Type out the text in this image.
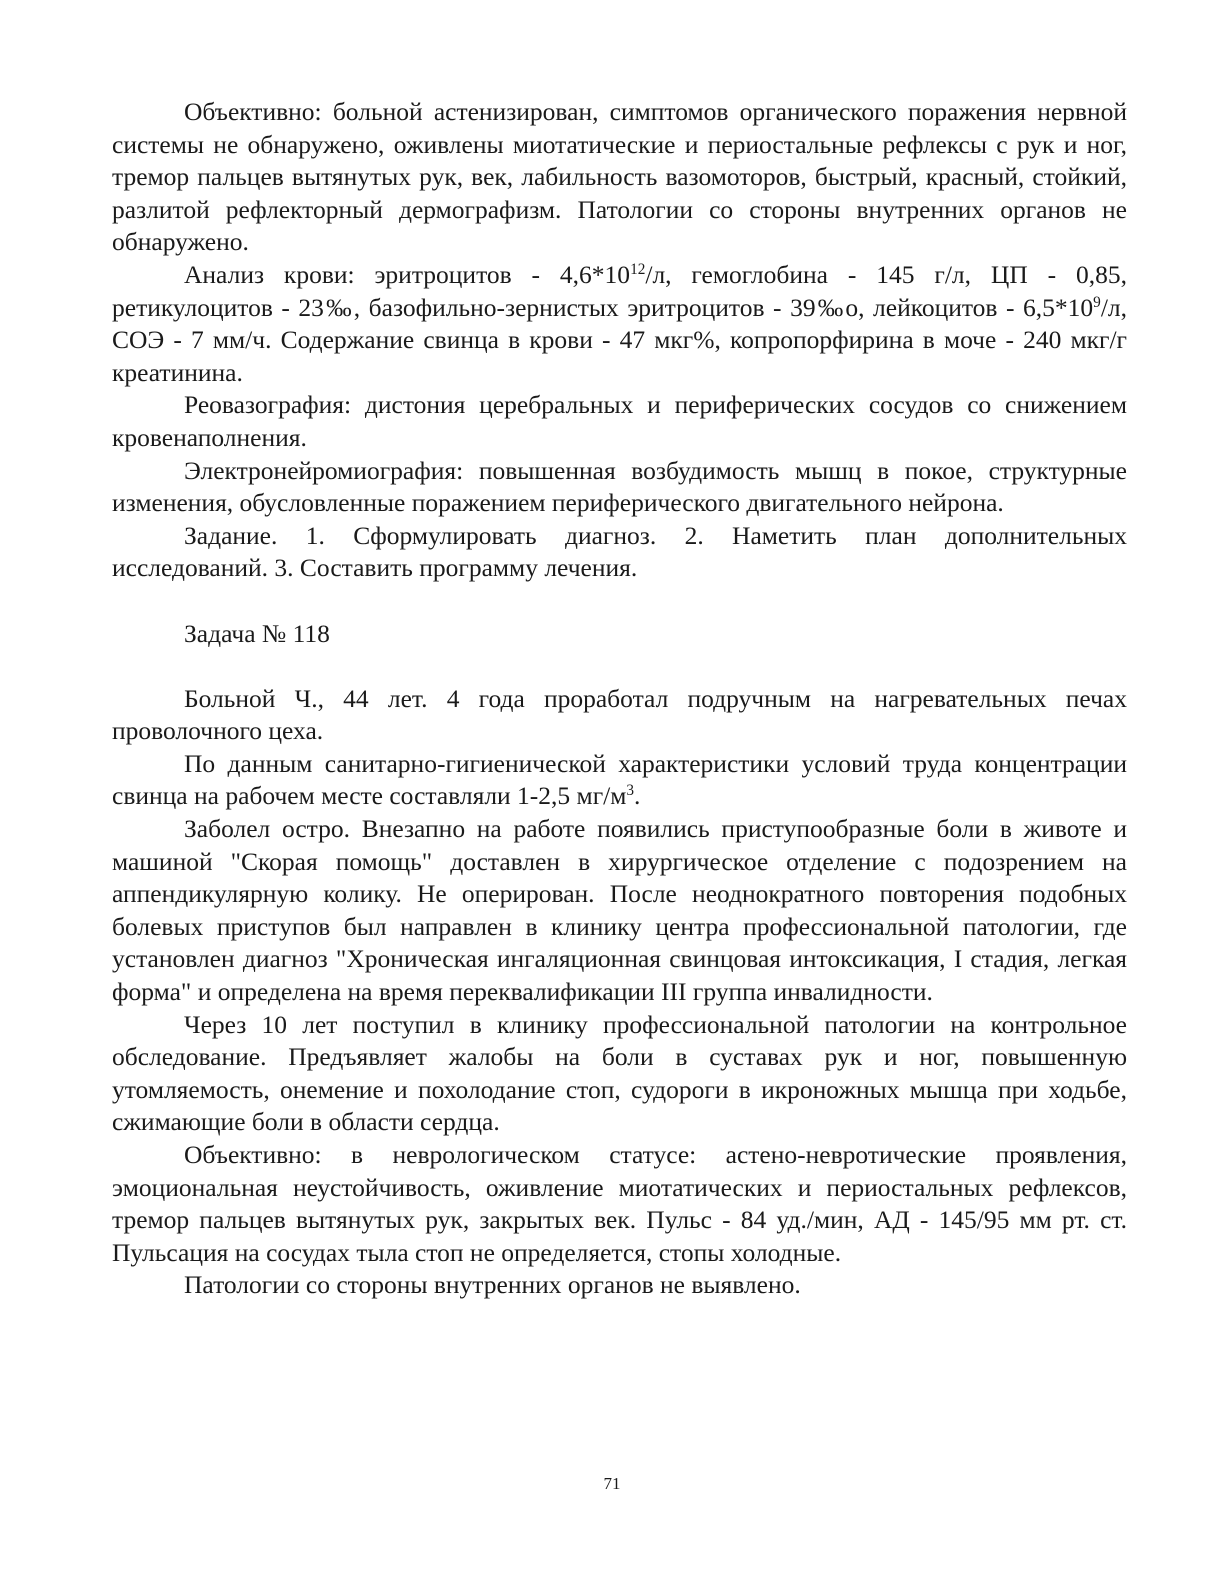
Объективно: больной астенизирован, симптомов органического поражения нервной системы не обнаружено, оживлены миотатические и периостальные рефлексы с рук и ног, тремор пальцев вытянутых рук, век, лабильность вазомоторов, быстрый, красный, стойкий, разлитой рефлекторный дермографизм. Патологии со стороны внутренних органов не обнаружено.

Анализ крови: эритроцитов - $4,6*10^{12}/л$, гемоглобина - 145 г/л, ЦП - 0,85, ретикулоцитов - 23‰, базофильно-зернистых эритроцитов - 39‰о, лейкоцитов - $6,5*10^9/л$, СОЭ - 7 мм/ч. Содержание свинца в крови - 47 мкг%, копропорфирина в моче - 240 мкг/г креатинина.

Реовазография: дистония церебральных и периферических сосудов со снижением кровенаполнения.

Электронейромиография: повышенная возбудимость мышц в покое, структурные изменения, обусловленные поражением периферического двигательного нейрона.

Задание. 1. Сформулировать диагноз. 2. Наметить план дополнительных исследований. 3. Составить программу лечения.

Задача № 118

Больной Ч., 44 лет. 4 года проработал подручным на нагревательных печах проволочного цеха.

По данным санитарно-гигиенической характеристики условий труда концентрации свинца на рабочем месте составляли 1-2,5 $мг/м^3$.

Заболел остро. Внезапно на работе появились приступообразные боли в животе и машиной "Скорая помощь" доставлен в хирургическое отделение с подозрением на аппендикулярную колику. Не оперирован. После неоднократного повторения подобных болевых приступов был направлен в клинику центра профессиональной патологии, где установлен диагноз "Хроническая ингаляционная свинцовая интоксикация, I стадия, легкая форма" и определена на время переквалификации III группа инвалидности.

Через 10 лет поступил в клинику профессиональной патологии на контрольное обследование. Предъявляет жалобы на боли в суставах рук и ног, повышенную утомляемость, онемение и похолодание стоп, судороги в икроножных мышца при ходьбе, сжимающие боли в области сердца.

Объективно: в неврологическом статусе: астено-невротические проявления, эмоциональная неустойчивость, оживление миотатических и периостальных рефлексов, тремор пальцев вытянутых рук, закрытых век. Пульс - 84 уд./мин, АД - 145/95 мм рт. ст. Пульсация на сосудах тыла стоп не определяется, стопы холодные.

Патологии со стороны внутренних органов не выявлено.

71
